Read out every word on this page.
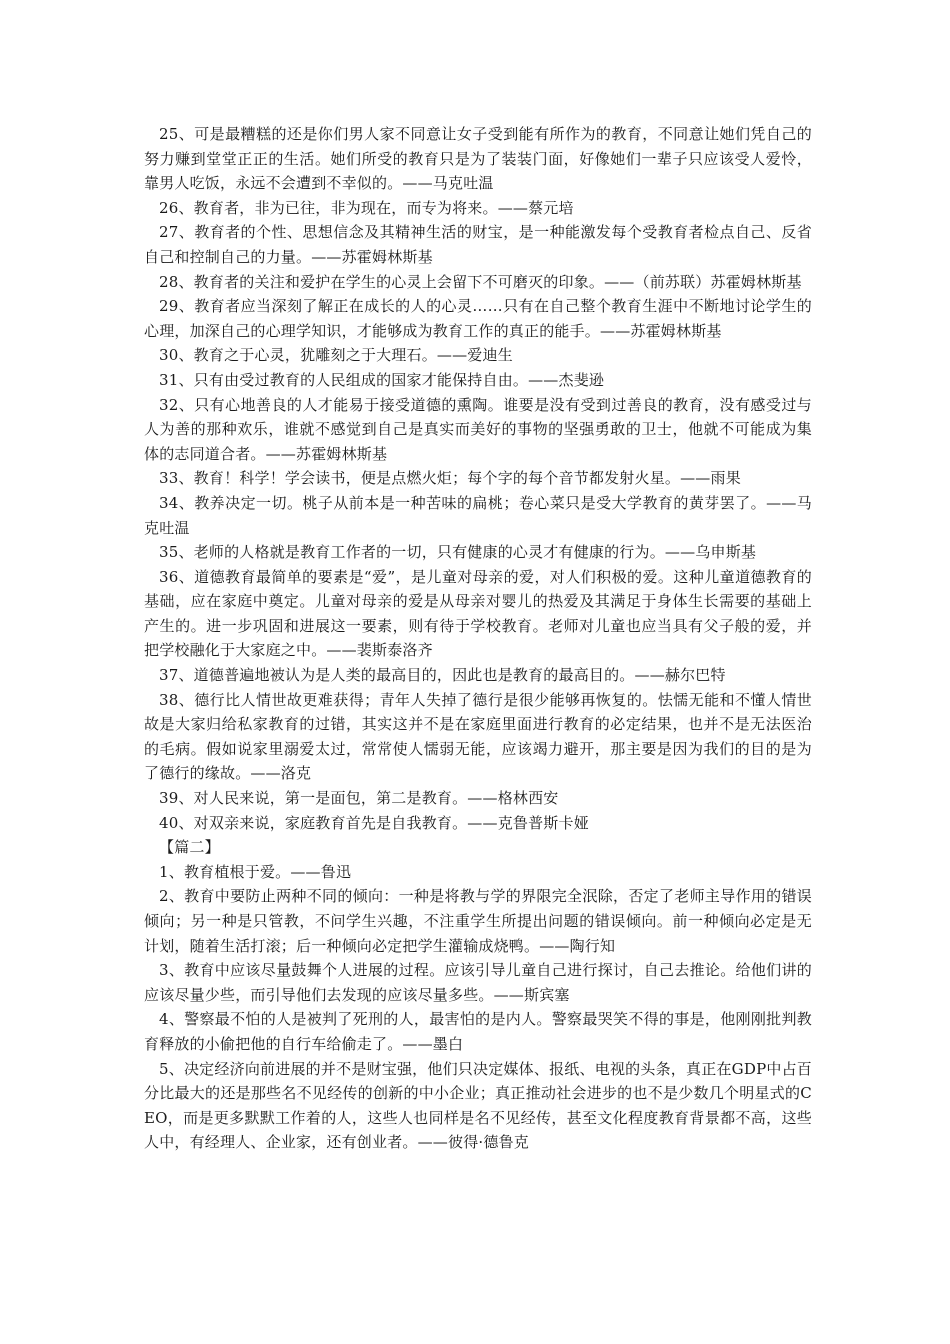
25、可是最糟糕的还是你们男人家不同意让女子受到能有所作为的教育，不同意让她们凭自己的努力赚到堂堂正正的生活。她们所受的教育只是为了装装门面，好像她们一辈子只应该受人爱怜，靠男人吃饭，永远不会遭到不幸似的。——马克吐温

26、教育者，非为已往，非为现在，而专为将来。——蔡元培

27、教育者的个性、思想信念及其精神生活的财宝，是一种能激发每个受教育者检点自己、反省自己和控制自己的力量。——苏霍姆林斯基

28、教育者的关注和爱护在学生的心灵上会留下不可磨灭的印象。——（前苏联）苏霍姆林斯基

29、教育者应当深刻了解正在成长的人的心灵……只有在自己整个教育生涯中不断地讨论学生的心理，加深自己的心理学知识，才能够成为教育工作的真正的能手。——苏霍姆林斯基

30、教育之于心灵，犹雕刻之于大理石。——爱迪生

31、只有由受过教育的人民组成的国家才能保持自由。——杰斐逊

32、只有心地善良的人才能易于接受道德的熏陶。谁要是没有受到过善良的教育，没有感受过与人为善的那种欢乐，谁就不感觉到自己是真实而美好的事物的坚强勇敢的卫士，他就不可能成为集体的志同道合者。——苏霍姆林斯基

33、教育！科学！学会读书，便是点燃火炬；每个字的每个音节都发射火星。——雨果

34、教养决定一切。桃子从前本是一种苦味的扁桃；卷心菜只是受大学教育的黄芽罢了。——马克吐温

35、老师的人格就是教育工作者的一切，只有健康的心灵才有健康的行为。——乌申斯基

36、道德教育最简单的要素是“爱”，是儿童对母亲的爱，对人们积极的爱。这种儿童道德教育的基础，应在家庭中奠定。儿童对母亲的爱是从母亲对婴儿的热爱及其满足于身体生长需要的基础上产生的。进一步巩固和进展这一要素，则有待于学校教育。老师对儿童也应当具有父子般的爱，并把学校融化于大家庭之中。——裴斯泰洛齐

37、道德普遍地被认为是人类的最高目的，因此也是教育的最高目的。——赫尔巴特

38、德行比人情世故更难获得；青年人失掉了德行是很少能够再恢复的。怯懦无能和不懂人情世故是大家归给私家教育的过错，其实这并不是在家庭里面进行教育的必定结果，也并不是无法医治的毛病。假如说家里溺爱太过，常常使人懦弱无能，应该竭力避开，那主要是因为我们的目的是为了德行的缘故。——洛克

39、对人民来说，第一是面包，第二是教育。——格林西安

40、对双亲来说，家庭教育首先是自我教育。——克鲁普斯卡娅

【篇二】

1、教育植根于爱。——鲁迅

2、教育中要防止两种不同的倾向：一种是将教与学的界限完全泯除，否定了老师主导作用的错误倾向；另一种是只管教，不问学生兴趣，不注重学生所提出问题的错误倾向。前一种倾向必定是无计划，随着生活打滚；后一种倾向必定把学生灌输成烧鸭。——陶行知

3、教育中应该尽量鼓舞个人进展的过程。应该引导儿童自己进行探讨，自己去推论。给他们讲的应该尽量少些，而引导他们去发现的应该尽量多些。——斯宾塞

4、警察最不怕的人是被判了死刑的人，最害怕的是内人。警察最哭笑不得的事是，他刚刚批判教育释放的小偷把他的自行车给偷走了。——墨白

5、决定经济向前进展的并不是财宝强，他们只决定媒体、报纸、电视的头条，真正在GDP中占百分比最大的还是那些名不见经传的创新的中小企业；真正推动社会进步的也不是少数几个明星式的CEO，而是更多默默工作着的人，这些人也同样是名不见经传，甚至文化程度教育背景都不高，这些人中，有经理人、企业家，还有创业者。——彼得·德鲁克
